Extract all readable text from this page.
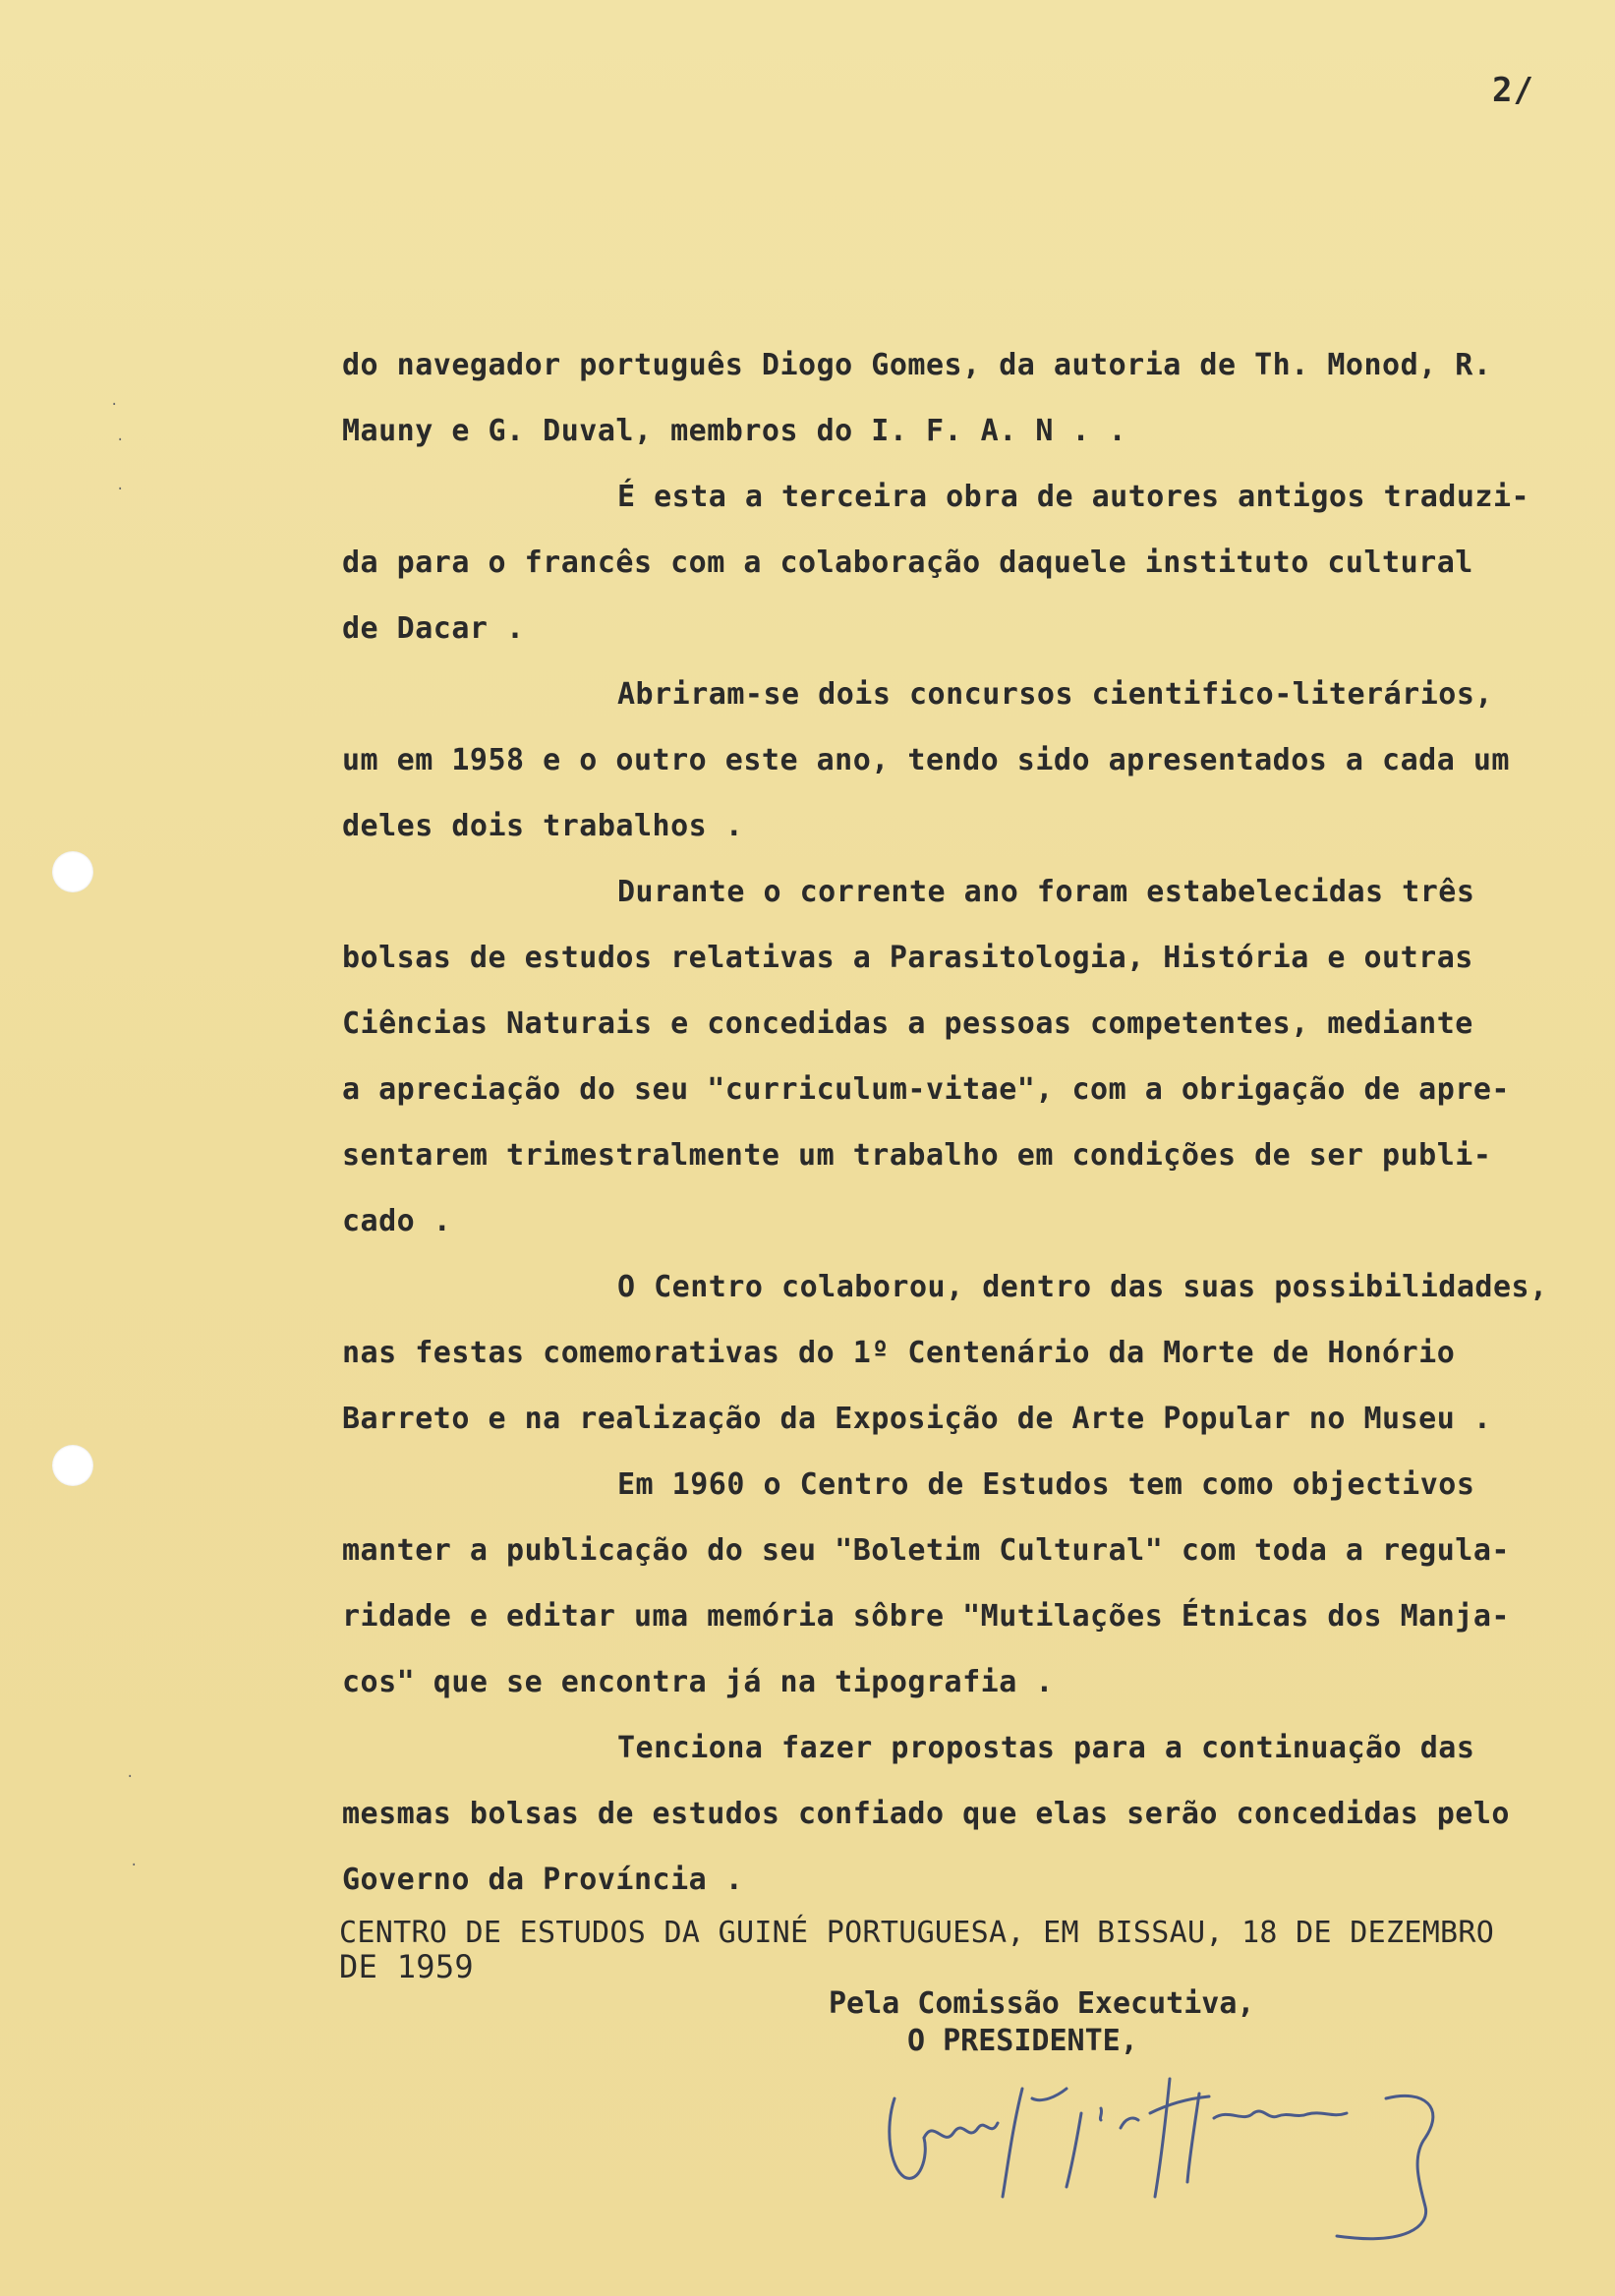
2/
·
·
·
·
·
do navegador português Diogo Gomes, da autoria de Th. Monod, R.
Mauny e G. Duval, membros do I. F. A. N . .
É esta a terceira obra de autores antigos traduzi-
da para o francês com a colaboração daquele instituto cultural
de Dacar .
Abriram-se dois concursos cientifico-literários,
um em 1958 e o outro este ano, tendo sido apresentados a cada um
deles dois trabalhos .
Durante o corrente ano foram estabelecidas três
bolsas de estudos relativas a Parasitologia, História e outras
Ciências Naturais e concedidas a pessoas competentes, mediante
a apreciação do seu "curriculum-vitae", com a obrigação de apre-
sentarem trimestralmente um trabalho em condições de ser publi-
cado .
O Centro colaborou, dentro das suas possibilidades,
nas festas comemorativas do 1º Centenário da Morte de Honório
Barreto e na realização da Exposição de Arte Popular no Museu .
Em 1960 o Centro de Estudos tem como objectivos
manter a publicação do seu "Boletim Cultural" com toda a regula-
ridade e editar uma memória sôbre "Mutilações Étnicas dos Manja-
cos" que se encontra já na tipografia .
Tenciona fazer propostas para a continuação das
mesmas bolsas de estudos confiado que elas serão concedidas pelo
Governo da Província .
CENTRO DE ESTUDOS DA GUINÉ PORTUGUESA, EM BISSAU, 18 DE DEZEMBRO
DE 1959
Pela Comissão Executiva,
O PRESIDENTE,
